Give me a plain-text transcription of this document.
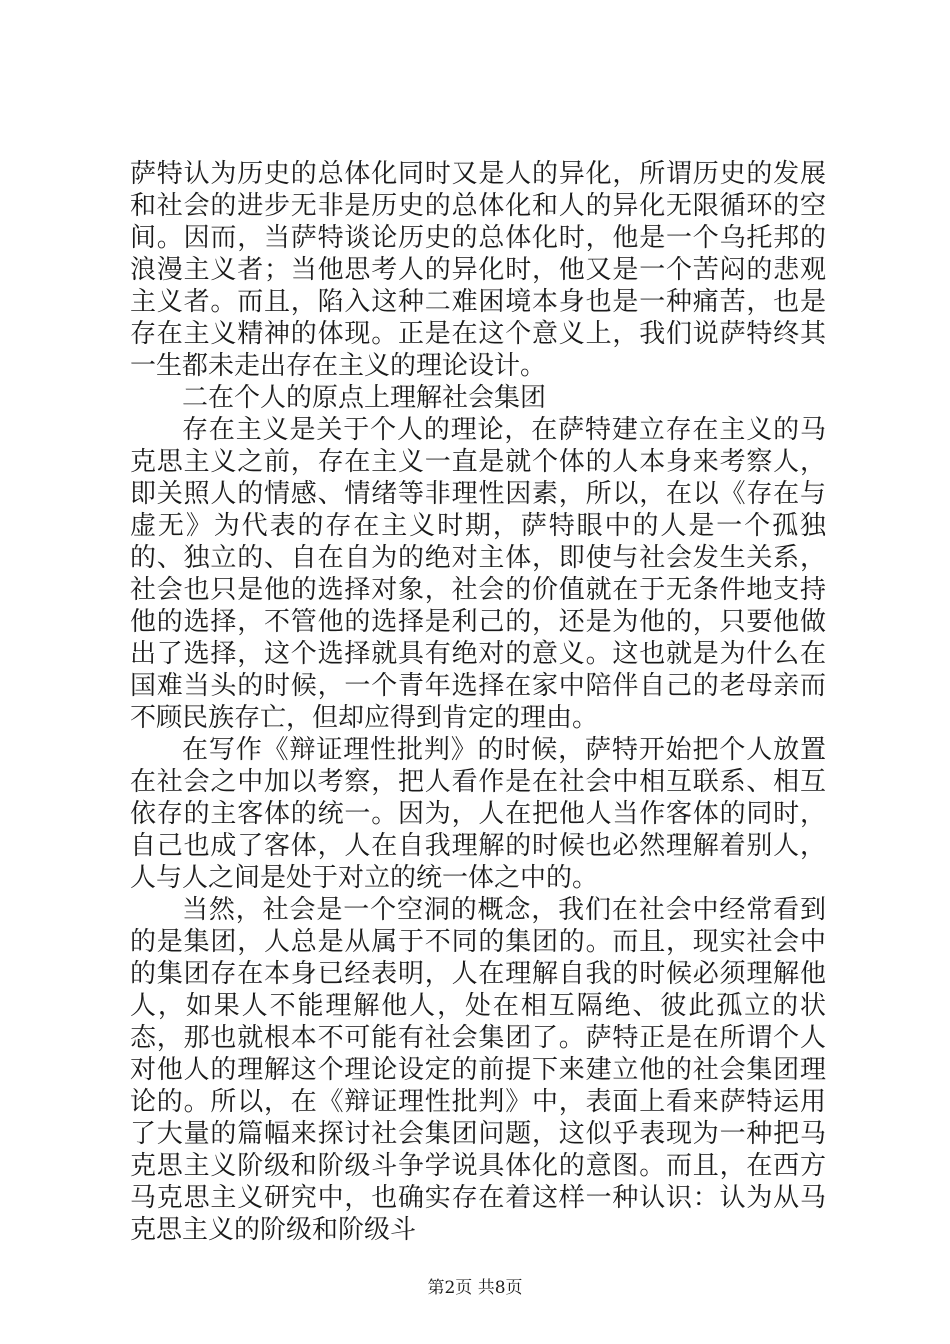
萨特认为历史的总体化同时又是人的异化，所谓历史的发展和社会的进步无非是历史的总体化和人的异化无限循环的空间。因而，当萨特谈论历史的总体化时，他是一个乌托邦的浪漫主义者；当他思考人的异化时，他又是一个苦闷的悲观主义者。而且，陷入这种二难困境本身也是一种痛苦，也是存在主义精神的体现。正是在这个意义上，我们说萨特终其一生都未走出存在主义的理论设计。

二在个人的原点上理解社会集团

存在主义是关于个人的理论，在萨特建立存在主义的马克思主义之前，存在主义一直是就个体的人本身来考察人，即关照人的情感、情绪等非理性因素，所以，在以《存在与虚无》为代表的存在主义时期，萨特眼中的人是一个孤独的、独立的、自在自为的绝对主体，即使与社会发生关系，社会也只是他的选择对象，社会的价值就在于无条件地支持他的选择，不管他的选择是利己的，还是为他的，只要他做出了选择，这个选择就具有绝对的意义。这也就是为什么在国难当头的时候，一个青年选择在家中陪伴自己的老母亲而不顾民族存亡，但却应得到肯定的理由。

在写作《辩证理性批判》的时候，萨特开始把个人放置在社会之中加以考察，把人看作是在社会中相互联系、相互依存的主客体的统一。因为，人在把他人当作客体的同时，自己也成了客体，人在自我理解的时候也必然理解着别人，人与人之间是处于对立的统一体之中的。

当然，社会是一个空洞的概念，我们在社会中经常看到的是集团，人总是从属于不同的集团的。而且，现实社会中的集团存在本身已经表明，人在理解自我的时候必须理解他人，如果人不能理解他人，处在相互隔绝、彼此孤立的状态，那也就根本不可能有社会集团了。萨特正是在所谓个人对他人的理解这个理论设定的前提下来建立他的社会集团理论的。所以，在《辩证理性批判》中，表面上看来萨特运用了大量的篇幅来探讨社会集团问题，这似乎表现为一种把马克思主义阶级和阶级斗争学说具体化的意图。而且，在西方马克思主义研究中，也确实存在着这样一种认识：认为从马克思主义的阶级和阶级斗

第2页 共8页
